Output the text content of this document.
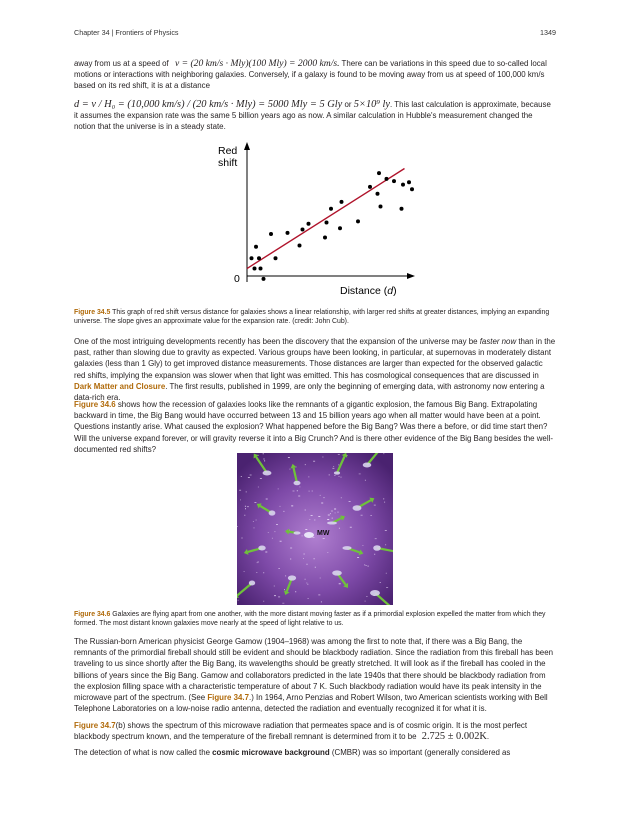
Chapter 34 | Frontiers of Physics	1349

away from us at a speed of v = (20 km/s · Mly)(100 Mly) = 2000 km/s. There can be variations in this speed due to so-called local motions or interactions with neighboring galaxies. Conversely, if a galaxy is found to be moving away from us at speed of 100,000 km/s based on its red shift, it is at a distance

d = v / H₀ = (10,000 km/s) / (20 km/s · Mly) = 5000 Mly = 5 Gly or 5×10⁹ ly. This last calculation is approximate, because it assumes the expansion rate was the same 5 billion years ago as now. A similar calculation in Hubble's measurement changed the notion that the universe is in a steady state.

Red
shift
0
Distance (d)

Figure 34.5 This graph of red shift versus distance for galaxies shows a linear relationship, with larger red shifts at greater distances, implying an expanding universe. The slope gives an approximate value for the expansion rate. (credit: John Cub).

One of the most intriguing developments recently has been the discovery that the expansion of the universe may be faster now than in the past, rather than slowing due to gravity as expected. Various groups have been looking, in particular, at supernovas in moderately distant galaxies (less than 1 Gly) to get improved distance measurements. Those distances are larger than expected for the observed galactic red shifts, implying the expansion was slower when that light was emitted. This has cosmological consequences that are discussed in Dark Matter and Closure. The first results, published in 1999, are only the beginning of emerging data, with astronomy now entering a data-rich era.

Figure 34.6 shows how the recession of galaxies looks like the remnants of a gigantic explosion, the famous Big Bang. Extrapolating backward in time, the Big Bang would have occurred between 13 and 15 billion years ago when all matter would have been at a point. Questions instantly arise. What caused the explosion? What happened before the Big Bang? Was there a before, or did time start then? Will the universe expand forever, or will gravity reverse it into a Big Crunch? And is there other evidence of the Big Bang besides the well-documented red shifts?

MW

Figure 34.6 Galaxies are flying apart from one another, with the more distant moving faster as if a primordial explosion expelled the matter from which they formed. The most distant known galaxies move nearly at the speed of light relative to us.

The Russian-born American physicist George Gamow (1904–1968) was among the first to note that, if there was a Big Bang, the remnants of the primordial fireball should still be evident and should be blackbody radiation. Since the radiation from this fireball has been traveling to us since shortly after the Big Bang, its wavelengths should be greatly stretched. It will look as if the fireball has cooled in the billions of years since the Big Bang. Gamow and collaborators predicted in the late 1940s that there should be blackbody radiation from the explosion filling space with a characteristic temperature of about 7 K. Such blackbody radiation would have its peak intensity in the microwave part of the spectrum. (See Figure 34.7.) In 1964, Arno Penzias and Robert Wilson, two American scientists working with Bell Telephone Laboratories on a low-noise radio antenna, detected the radiation and eventually recognized it for what it is.

Figure 34.7(b) shows the spectrum of this microwave radiation that permeates space and is of cosmic origin. It is the most perfect blackbody spectrum known, and the temperature of the fireball remnant is determined from it to be 2.725 ± 0.002K.

The detection of what is now called the cosmic microwave background (CMBR) was so important (generally considered as
